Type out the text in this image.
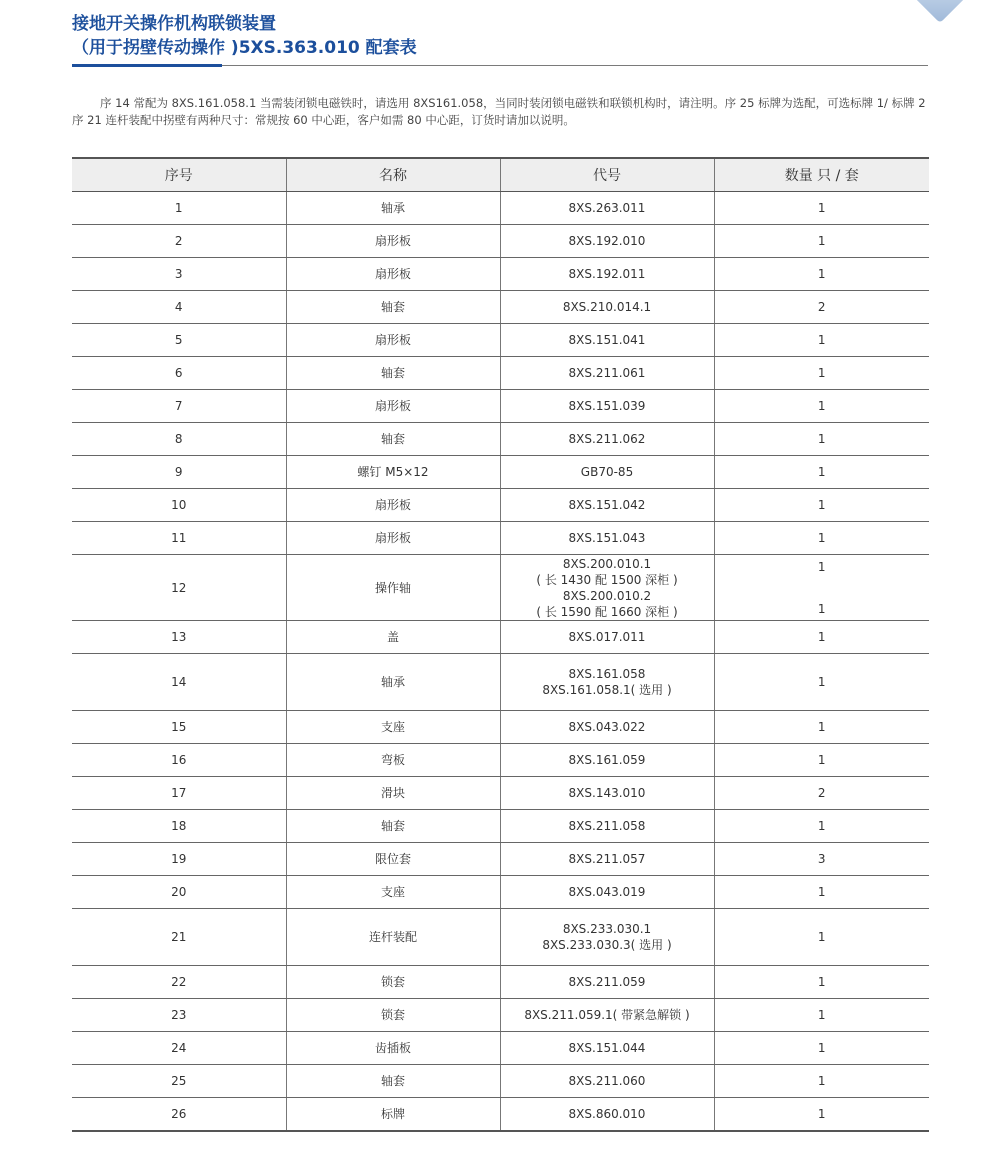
接地开关操作机构联锁装置

（用于拐壁传动操作 )5XS.363.010 配套表

序 14 常配为 8XS.161.058.1 当需装闭锁电磁铁时，请选用 8XS161.058，当同时装闭锁电磁铁和联锁机构时，请注明。序 25 标牌为选配，可选标牌 1/ 标牌 2 序 21 连杆装配中拐壁有两种尺寸：常规按 60 中心距，客户如需 80 中心距，订货时请加以说明。

序号	名称	代号	数量 只 / 套
1	轴承	8XS.263.011	1
2	扇形板	8XS.192.010	1
3	扇形板	8XS.192.011	1
4	轴套	8XS.210.014.1	2
5	扇形板	8XS.151.041	1
6	轴套	8XS.211.061	1
7	扇形板	8XS.151.039	1
8	轴套	8XS.211.062	1
9	螺钉 M5×12	GB70-85	1
10	扇形板	8XS.151.042	1
11	扇形板	8XS.151.043	1
12	操作轴	8XS.200.010.1
( 长 1430 配 1500 深柜 )
8XS.200.010.2
( 长 1590 配 1660 深柜 )	1
1

13	盖	8XS.017.011	1
14	轴承	8XS.161.058
8XS.161.058.1( 选用 )	1
15	支座	8XS.043.022	1
16	弯板	8XS.161.059	1
17	滑块	8XS.143.010	2
18	轴套	8XS.211.058	1
19	限位套	8XS.211.057	3
20	支座	8XS.043.019	1
21	连杆装配	8XS.233.030.1
8XS.233.030.3( 选用 )	1
22	锁套	8XS.211.059	1
23	锁套	8XS.211.059.1( 带紧急解锁 )	1
24	齿插板	8XS.151.044	1
25	轴套	8XS.211.060	1
26	标牌	8XS.860.010	1
